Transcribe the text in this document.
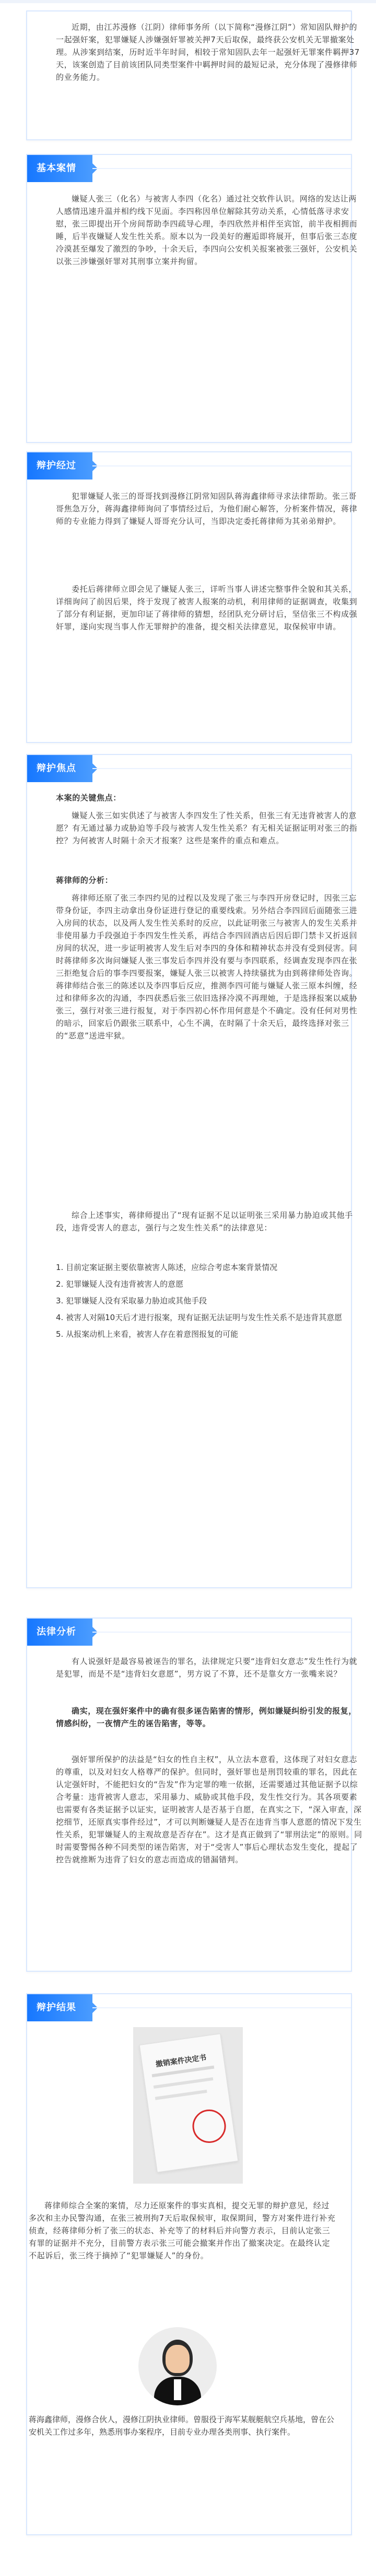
近期，由江苏漫修（江阴）律师事务所（以下简称“漫修江阴”）常知固队辩护的一起强奸案，犯罪嫌疑人涉嫌强奸罪被关押7天后取保，最终获公安机关无罪撤案处理。从涉案到结案，历时近半年时间，相较于常知固队去年一起强奸无罪案件羁押37天，该案创造了目前该团队同类型案件中羁押时间的最短记录，充分体现了漫修律师的业务能力。
基本案情
嫌疑人张三（化名）与被害人李四（化名）通过社交软件认识。网络的发达让两人感情迅速升温并相约线下见面。李四称因单位解除其劳动关系，心情低落寻求安慰，张三即提出开个房间帮助李四疏导心理，李四欣然并相伴至宾馆，前半夜相拥而睡，后半夜嫌疑人发生性关系。原本以为一段美好的邂逅即将展开，但事后张三态度冷漠甚至爆发了激烈的争吵，十余天后，李四向公安机关报案被张三强奸，公安机关以张三涉嫌强奸罪对其刑事立案并拘留。
辩护经过
犯罪嫌疑人张三的哥哥找到漫修江阴常知固队蒋海鑫律师寻求法律帮助。张三哥哥焦急万分，蒋海鑫律师询问了事情经过后，为他们耐心解答，分析案件情况，蒋律师的专业能力得到了嫌疑人哥哥充分认可，当即决定委托蒋律师为其弟弟辩护。
委托后蒋律师立即会见了嫌疑人张三，详听当事人讲述完整事件全貌和其关系，详细询问了前因后果，终于发现了被害人报案的动机，利用律师的证据调查，收集到了部分有利证据，更加印证了蒋律师的猜想，经团队充分研讨后，坚信张三不构成强奸罪，遂向实现当事人作无罪辩护的准备，提交相关法律意见，取保候审申请。
辩护焦点
本案的关键焦点：
嫌疑人张三如实供述了与被害人李四发生了性关系，但张三有无违背被害人的意愿？有无通过暴力或胁迫等手段与被害人发生性关系？有无相关证据证明对张三的指控？为何被害人时隔十余天才报案？这些是案件的重点和难点。
蒋律师的分析：
蒋律师还原了张三李四约见的过程以及发现了张三与李四开房登记时，因张三忘带身份证，李四主动拿出身份证进行登记的重要线索。另外结合李四回后面随张三进入房间的状态，以及两人发生性关系时的反应，以此证明张三与被害人的发生关系并非使用暴力手段强迫于李四发生性关系，再结合李四回酒店后因后即门禁卡又折返回房间的状况，进一步证明被害人发生后对李四的身体和精神状态并没有受到侵害。同时蒋律师多次询问嫌疑人张三事发后李四并没有要与李四联系，经调查发现李四在张三拒绝复合后的事李四要报案，嫌疑人张三以被害人持续骚扰为由到蒋律师处咨询。蒋律师结合张三的陈述以及李四事后反应，推测李四可能与嫌疑人张三原本纠缠，经过和律师多次的沟通，李四获悉后张三依旧选择冷漠不再理她，于是选择报案以威胁张三，强行对张三进行报复，对于李四初心怀作用何意是个不确定。没有任何对男性的暗示，回家后仍跟张三联系中，心生不满，在时隔了十余天后，最终选择对张三的“恶意”送进牢狱。
综合上述事实，蒋律师提出了“现有证据不足以证明张三采用暴力胁迫或其他手段，违背受害人的意志，强行与之发生性关系”的法律意见：
1. 目前定案证据主要依靠被害人陈述，应综合考虑本案背景情况
2. 犯罪嫌疑人没有违背被害人的意愿
3. 犯罪嫌疑人没有采取暴力胁迫或其他手段
4. 被害人对隔10天后才进行报案，现有证据无法证明与发生性关系不是违背其意愿
5. 从报案动机上来看，被害人存在着意图报复的可能
法律分析
有人说强奸是最容易被诬告的罪名，法律规定只要“违背妇女意志”发生性行为就是犯罪，而是不是“违背妇女意愿”，男方说了不算，还不是靠女方一张嘴来说？
确实，现在强奸案件中的确有很多诬告陷害的情形，例如嫌疑纠纷引发的报复，情感纠纷，一夜情产生的诬告陷害，等等。
强奸罪所保护的法益是“妇女的性自主权”，从立法本意看，这体现了对妇女意志的尊重，以及对妇女人格尊严的保护。但同时，强奸罪也是刑罚较重的罪名，因此在认定强奸时，不能把妇女的“告发”作为定罪的唯一依据，还需要通过其他证据予以综合考量：违背被害人意志，采用暴力、威胁或其他手段，发生性交行为。其各项要素也需要有各类证据予以证实，证明被害人是否基于自愿，在真实之下，“深入审查，深挖细节，还原真实事件经过”，才可以判断嫌疑人是否在违背当事人意愿的情况下发生性关系，犯罪嫌疑人的主观故意是否存在”。这才是真正做到了“罪刑法定”的原则。同时需要警惕各种不同类型的诬告陷害，对于“受害人”事后心理状态发生变化，提起了控告就推断为违背了妇女的意志而造成的错漏错判。
辩护结果
撤销案件决定书
蒋律师综合全案的案情，尽力还原案件的事实真相，提交无罪的辩护意见，经过多次和主办民警沟通，在张三被刑拘7天后取保候审，取保期间，警方对案件进行补充侦查，经蒋律师分析了张三的状态、补充等了的材料后并向警方表示，目前认定张三有罪的证据并不充分，目前警方表示张三可能会撤案并作出了撤案决定。在最终认定不起诉后，张三终于摘掉了“犯罪嫌疑人”的身份。
蒋海鑫律师，漫修合伙人，漫修江阴执业律师。曾服役于海军某舰艇航空兵基地，曾在公安机关工作过多年，熟悉刑事办案程序，目前专业办理各类刑事、执行案件。
